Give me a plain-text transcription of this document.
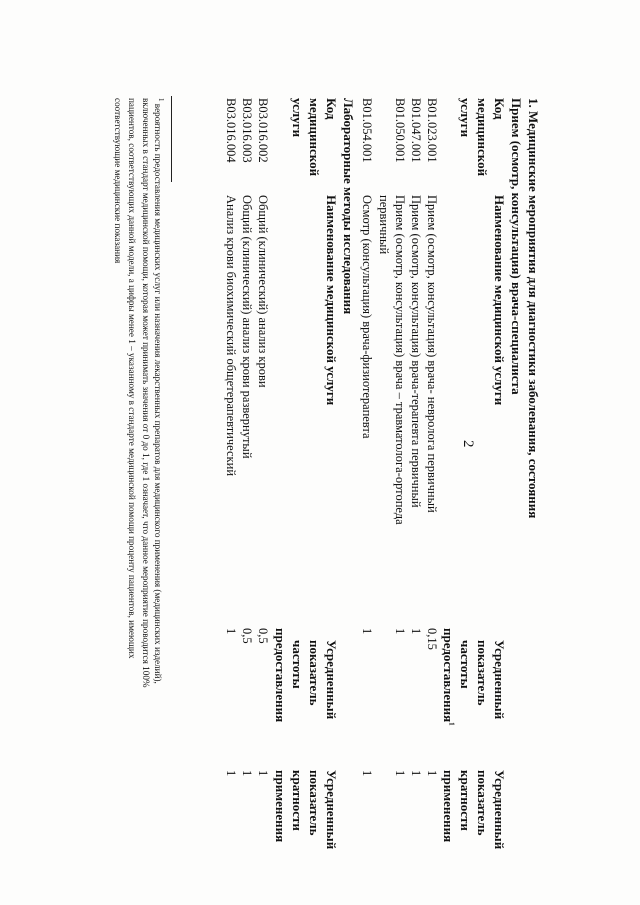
2	1. Медицинские мероприятия для диагностики заболевания, состояния
Прием (осмотр, консультация) врача-специалиста
Код
медицинской
услуги
Наименование медицинской услуги
Усредненный
показатель
частоты
предоставления$^1$
Усредненный
показатель
кратности
применения
B01.023.001
Прием (осмотр, консультация) врача- невролога первичный
0,15
1
B01.047.001
Прием (осмотр, консультация) врача-терапевта первичный
1
1
B01.050.001
Прием (осмотр, консультация) врача – травматолога-ортопеда
первичный
1
1
B01.054.001
Осмотр (консультация) врача-физиотерапевта
1
1
Лабораторные методы исследования
Код
медицинской
услуги
Наименование медицинской услуги
Усредненный
показатель
частоты
предоставления
Усредненный
показатель
кратности
применения
B03.016.002
Общий (клинический) анализ крови
0,5
1
B03.016.003
Общий (клинический) анализ крови развернутый
0,5
1
B03.016.004
Анализ крови биохимический общетерапевтический
1
1
$^1$ вероятность предоставления медицинских услуг или назначения лекарственных препаратов для медицинского применения (медицинских изделий),
включенных в стандарт медицинской помощи, которая может принимать значения от 0 до 1, где 1 означает, что данное мероприятие проводится 100%
пациентов, соответствующих данной модели, а цифры менее 1 – указанному в стандарте медицинской помощи проценту пациентов, имеющих
соответствующие медицинские показания
